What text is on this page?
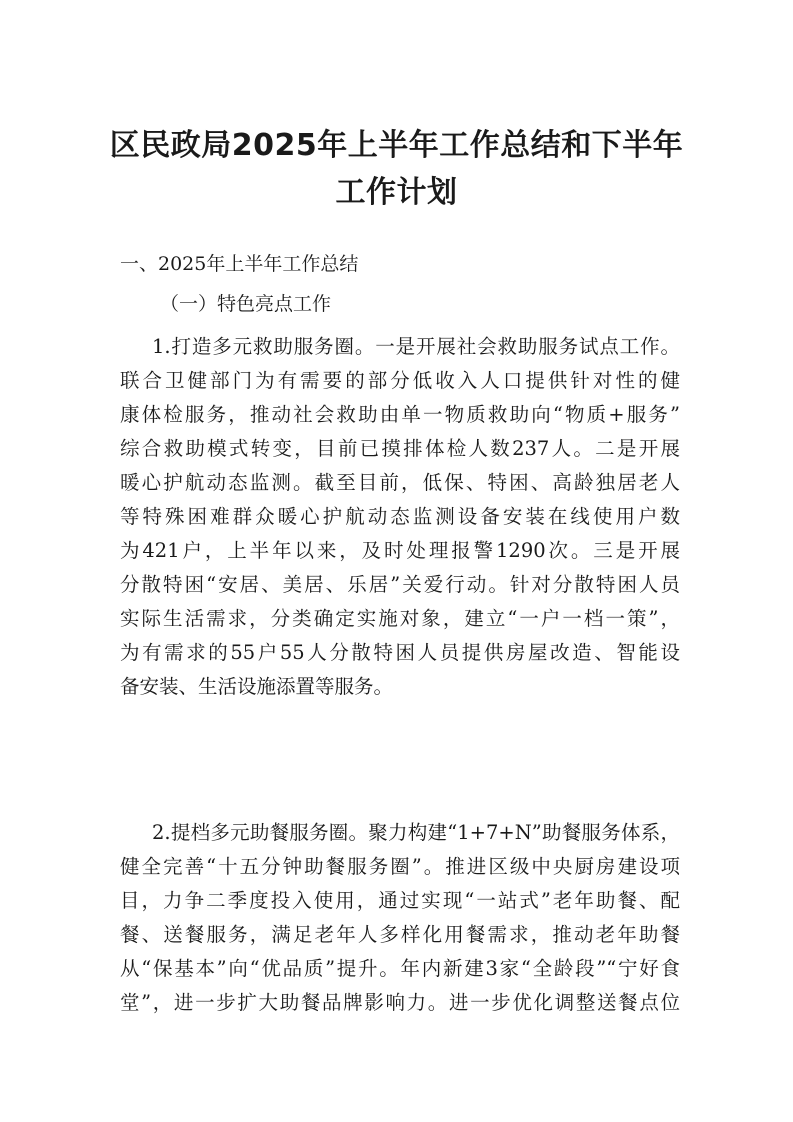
区民政局2025年上半年工作总结和下半年
工作计划
一、2025年上半年工作总结
（一）特色亮点工作
1.打造多元救助服务圈。一是开展社会救助服务试点工作。
联合卫健部门为有需要的部分低收入人口提供针对性的健
康体检服务，推动社会救助由单一物质救助向“物质+服务”
综合救助模式转变，目前已摸排体检人数237人。二是开展
暖心护航动态监测。截至目前，低保、特困、高龄独居老人
等特殊困难群众暖心护航动态监测设备安装在线使用户数
为421户，上半年以来，及时处理报警1290次。三是开展
分散特困“安居、美居、乐居”关爱行动。针对分散特困人员
实际生活需求，分类确定实施对象，建立“一户一档一策”，
为有需求的55户55人分散特困人员提供房屋改造、智能设
备安装、生活设施添置等服务。
2.提档多元助餐服务圈。聚力构建“1+7+N”助餐服务体系，
健全完善“十五分钟助餐服务圈”。推进区级中央厨房建设项
目，力争二季度投入使用，通过实现“一站式”老年助餐、配
餐、送餐服务，满足老年人多样化用餐需求，推动老年助餐
从“保基本”向“优品质”提升。年内新建3家“全龄段”“宁好食
堂”，进一步扩大助餐品牌影响力。进一步优化调整送餐点位
